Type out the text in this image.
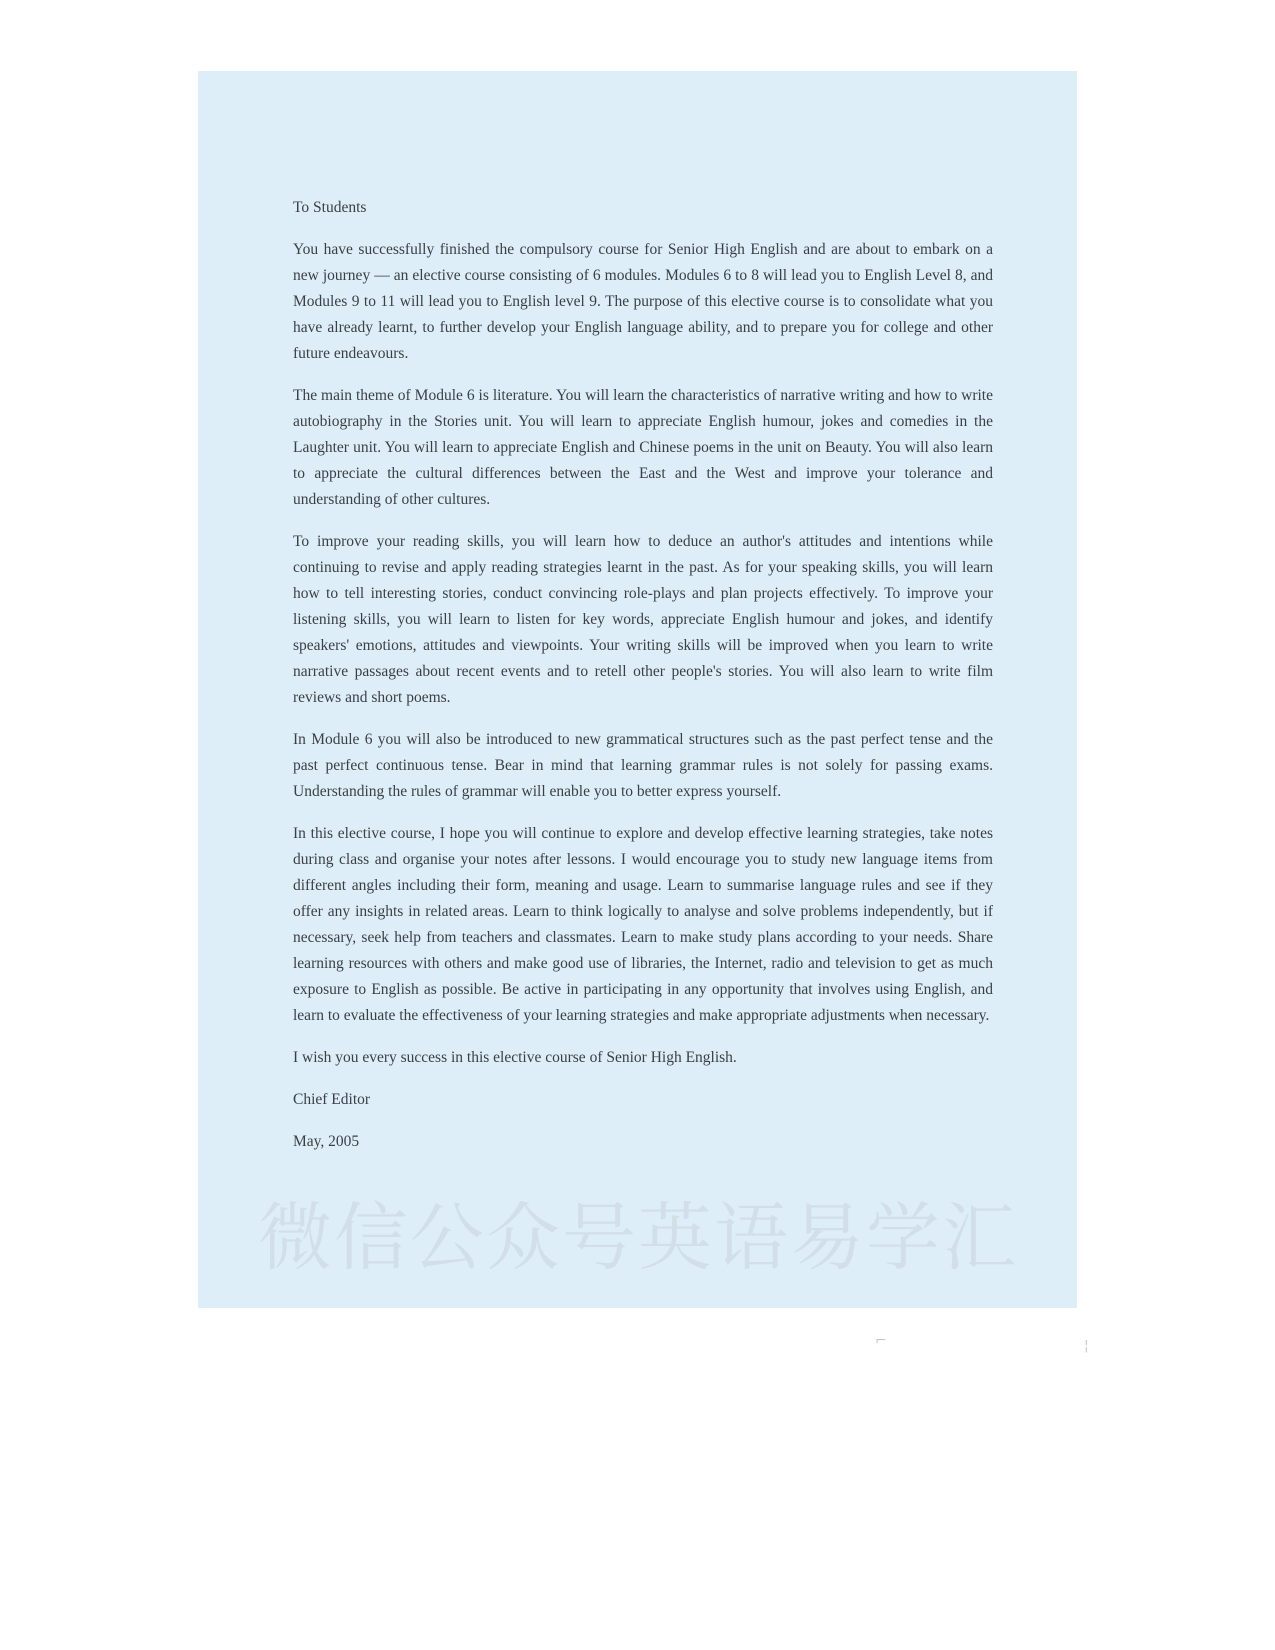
To Students

You have successfully finished the compulsory course for Senior High English and are about to embark on a new journey — an elective course consisting of 6 modules. Modules 6 to 8 will lead you to English Level 8, and Modules 9 to 11 will lead you to English level 9. The purpose of this elective course is to consolidate what you have already learnt, to further develop your English language ability, and to prepare you for college and other future endeavours.

The main theme of Module 6 is literature. You will learn the characteristics of narrative writing and how to write autobiography in the Stories unit. You will learn to appreciate English humour, jokes and comedies in the Laughter unit. You will learn to appreciate English and Chinese poems in the unit on Beauty. You will also learn to appreciate the cultural differences between the East and the West and improve your tolerance and understanding of other cultures.

To improve your reading skills, you will learn how to deduce an author's attitudes and intentions while continuing to revise and apply reading strategies learnt in the past. As for your speaking skills, you will learn how to tell interesting stories, conduct convincing role-plays and plan projects effectively. To improve your listening skills, you will learn to listen for key words, appreciate English humour and jokes, and identify speakers' emotions, attitudes and viewpoints. Your writing skills will be improved when you learn to write narrative passages about recent events and to retell other people's stories. You will also learn to write film reviews and short poems.

In Module 6 you will also be introduced to new grammatical structures such as the past perfect tense and the past perfect continuous tense. Bear in mind that learning grammar rules is not solely for passing exams. Understanding the rules of grammar will enable you to better express yourself.

In this elective course, I hope you will continue to explore and develop effective learning strategies, take notes during class and organise your notes after lessons. I would encourage you to study new language items from different angles including their form, meaning and usage. Learn to summarise language rules and see if they offer any insights in related areas. Learn to think logically to analyse and solve problems independently, but if necessary, seek help from teachers and classmates. Learn to make study plans according to your needs. Share learning resources with others and make good use of libraries, the Internet, radio and television to get as much exposure to English as possible. Be active in participating in any opportunity that involves using English, and learn to evaluate the effectiveness of your learning strategies and make appropriate adjustments when necessary.

I wish you every success in this elective course of Senior High English.

Chief Editor

May, 2005

微信公众号英语易学汇
⌐	¦
